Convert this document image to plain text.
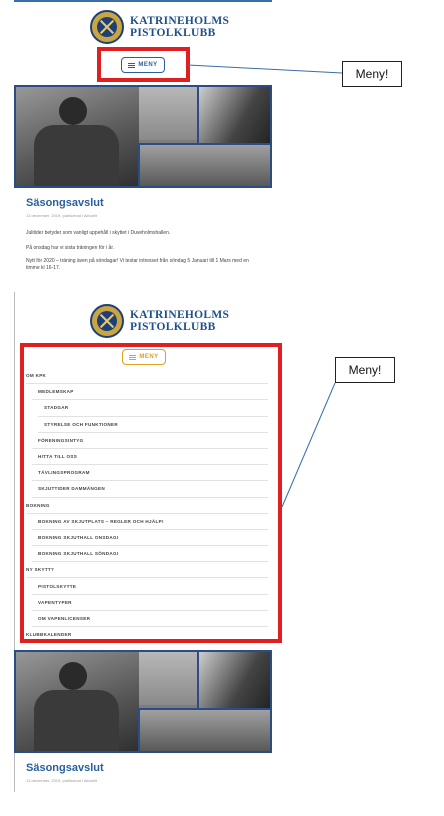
KATRINEHOLMS
PISTOLKLUBB
MENY
Säsongsavslut
13 december, 2019, publicerad i Aktuellt
Julitider betyder som vanligt uppehåll i skyttet i Duveholmshallen.
På onsdag har vi sista träningen för i år.
Nytt för 2020 – träning även på söndagar! Vi testar intresset från söndag 5 Januari till 1 Mars med en timme kl 16-17.
KATRINEHOLMS
PISTOLKLUBB
MENY
OM KPK
MEDLEMSKAP
STADGAR
STYRELSE OCH FUNKTIONER
FÖRENINGSINTYG
HITTA TILL OSS
TÄVLINGSPROGRAM
SKJUTTIDER DAMMÄNGEN
BOKNING
BOKNING AV SKJUTPLATS – REGLER OCH HJÄLP!
BOKNING SKJUTHALL ONSDAG!
BOKNING SKJUTHALL SÖNDAG!
NY SKYTT?
PISTOLSKYTTE
VAPENTYPER
OM VAPENLICENSER
KLUBBKALENDER
Säsongsavslut
13 december, 2019, publicerad i Aktuellt
Meny!
Meny!
